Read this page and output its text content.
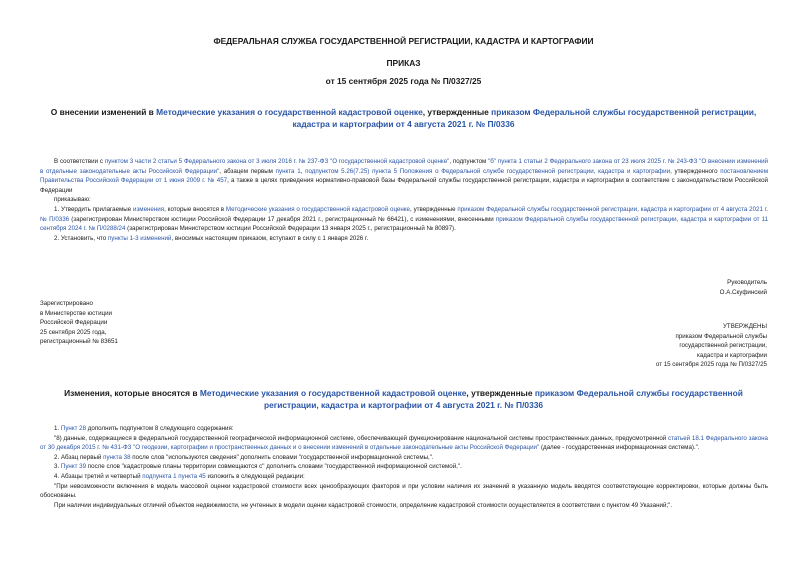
ФЕДЕРАЛЬНАЯ СЛУЖБА ГОСУДАРСТВЕННОЙ РЕГИСТРАЦИИ, КАДАСТРА И КАРТОГРАФИИ
ПРИКАЗ
от 15 сентября 2025 года № П/0327/25
О внесении изменений в Методические указания о государственной кадастровой оценке, утвержденные приказом Федеральной службы государственной регистрации, кадастра и картографии от 4 августа 2021 г. № П/0336
В соответствии с пунктом 3 части 2 статьи 5 Федерального закона от 3 июля 2016 г. № 237-ФЗ "О государственной кадастровой оценке", подпунктом "б" пункта 1 статьи 2 Федерального закона от 23 июля 2025 г. № 243-ФЗ "О внесении изменений в отдельные законодательные акты Российской Федерации", абзацем первым пункта 1, подпунктом 5.26(7.25) пункта 5 Положения о Федеральной службе государственной регистрации, кадастра и картографии, утвержденного постановлением Правительства Российской Федерации от 1 июня 2009 г. № 457, а также в целях приведения нормативно-правовой базы Федеральной службы государственной регистрации, кадастра и картографии в соответствие с законодательством Российской Федерации
приказываю:
1. Утвердить прилагаемые изменения, которые вносятся в Методические указания о государственной кадастровой оценке, утвержденные приказом Федеральной службы государственной регистрации, кадастра и картографии от 4 августа 2021 г. № П/0336 (зарегистрирован Министерством юстиции Российской Федерации 17 декабря 2021 г., регистрационный № 66421), с изменениями, внесенными приказом Федеральной службы государственной регистрации, кадастра и картографии от 11 сентября 2024 г. № П/0288/24 (зарегистрирован Министерством юстиции Российской Федерации 13 января 2025 г., регистрационный № 80897).
2. Установить, что пункты 1-3 изменений, вносимых настоящим приказом, вступают в силу с 1 января 2026 г.
Руководитель
О.А.Скуфинский
Зарегистрировано
в Министерстве юстиции
Российской Федерации
25 сентября 2025 года,
регистрационный № 83651
УТВЕРЖДЕНЫ
приказом Федеральной службы
государственной регистрации,
кадастра и картографии
от 15 сентября 2025 года № П/0327/25
Изменения, которые вносятся в Методические указания о государственной кадастровой оценке, утвержденные приказом Федеральной службы государственной регистрации, кадастра и картографии от 4 августа 2021 г. № П/0336
1. Пункт 28 дополнить подпунктом 8 следующего содержания:
"8) данные, содержащиеся в федеральной государственной географической информационной системе, обеспечивающей функционирование национальной системы пространственных данных, предусмотренной статьей 18.1 Федерального закона от 30 декабря 2015 г. № 431-ФЗ "О геодезии, картографии и пространственных данных и о внесении изменений в отдельные законодательные акты Российской Федерации" (далее - государственная информационная система).".
2. Абзац первый пункта 38 после слов "используются сведения" дополнить словами "государственной информационной системы,".
3. Пункт 39 после слов "кадастровые планы территории совмещаются с" дополнить словами "государственной информационной системой,".
4. Абзацы третий и четвертый подпункта 1 пункта 45 изложить в следующей редакции:
"При невозможности включения в модель массовой оценки кадастровой стоимости всех ценообразующих факторов и при условии наличия их значений в указанную модель вводятся соответствующие корректировки, которые должны быть обоснованы.
При наличии индивидуальных отличий объектов недвижимости, не учтенных в модели оценки кадастровой стоимости, определение кадастровой стоимости осуществляется в соответствии с пунктом 49 Указаний;".
